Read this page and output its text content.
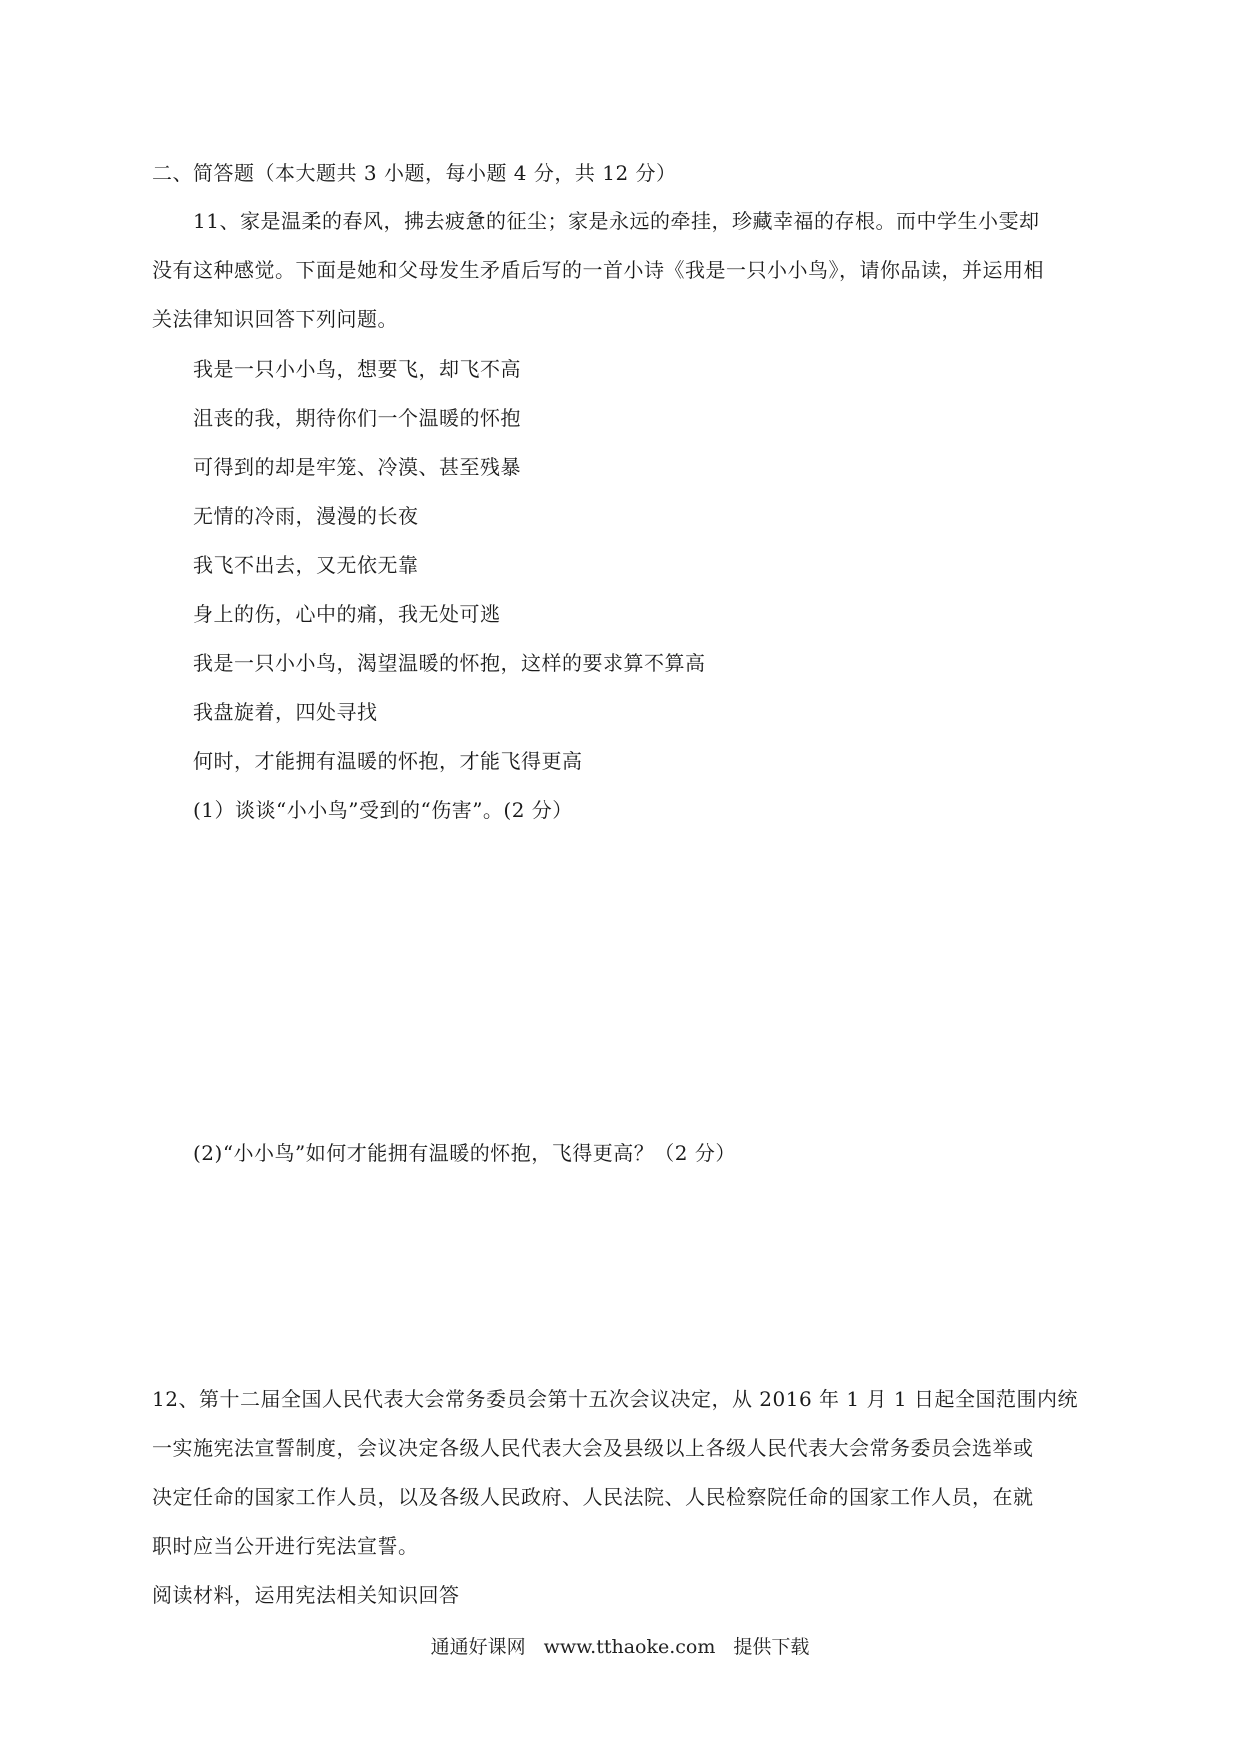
二、简答题（本大题共 3 小题，每小题 4 分，共 12 分）
11、家是温柔的春风，拂去疲惫的征尘；家是永远的牵挂，珍藏幸福的存根。而中学生小雯却
没有这种感觉。下面是她和父母发生矛盾后写的一首小诗《我是一只小小鸟》，请你品读，并运用相
关法律知识回答下列问题。
我是一只小小鸟，想要飞，却飞不高
沮丧的我，期待你们一个温暖的怀抱
可得到的却是牢笼、冷漠、甚至残暴
无情的冷雨，漫漫的长夜
我飞不出去，又无依无靠
身上的伤，心中的痛，我无处可逃
我是一只小小鸟，渴望温暖的怀抱，这样的要求算不算高
我盘旋着，四处寻找
何时，才能拥有温暖的怀抱，才能飞得更高
(1）谈谈“小小鸟”受到的“伤害”。(2 分）
(2)“小小鸟”如何才能拥有温暖的怀抱，飞得更高？（2 分）
12、第十二届全国人民代表大会常务委员会第十五次会议决定，从 2016 年 1 月 1 日起全国范围内统
一实施宪法宣誓制度，会议决定各级人民代表大会及县级以上各级人民代表大会常务委员会选举或
决定任命的国家工作人员，以及各级人民政府、人民法院、人民检察院任命的国家工作人员，在就
职时应当公开进行宪法宣誓。
阅读材料，运用宪法相关知识回答
通通好课网 www.tthaoke.com 提供下载
